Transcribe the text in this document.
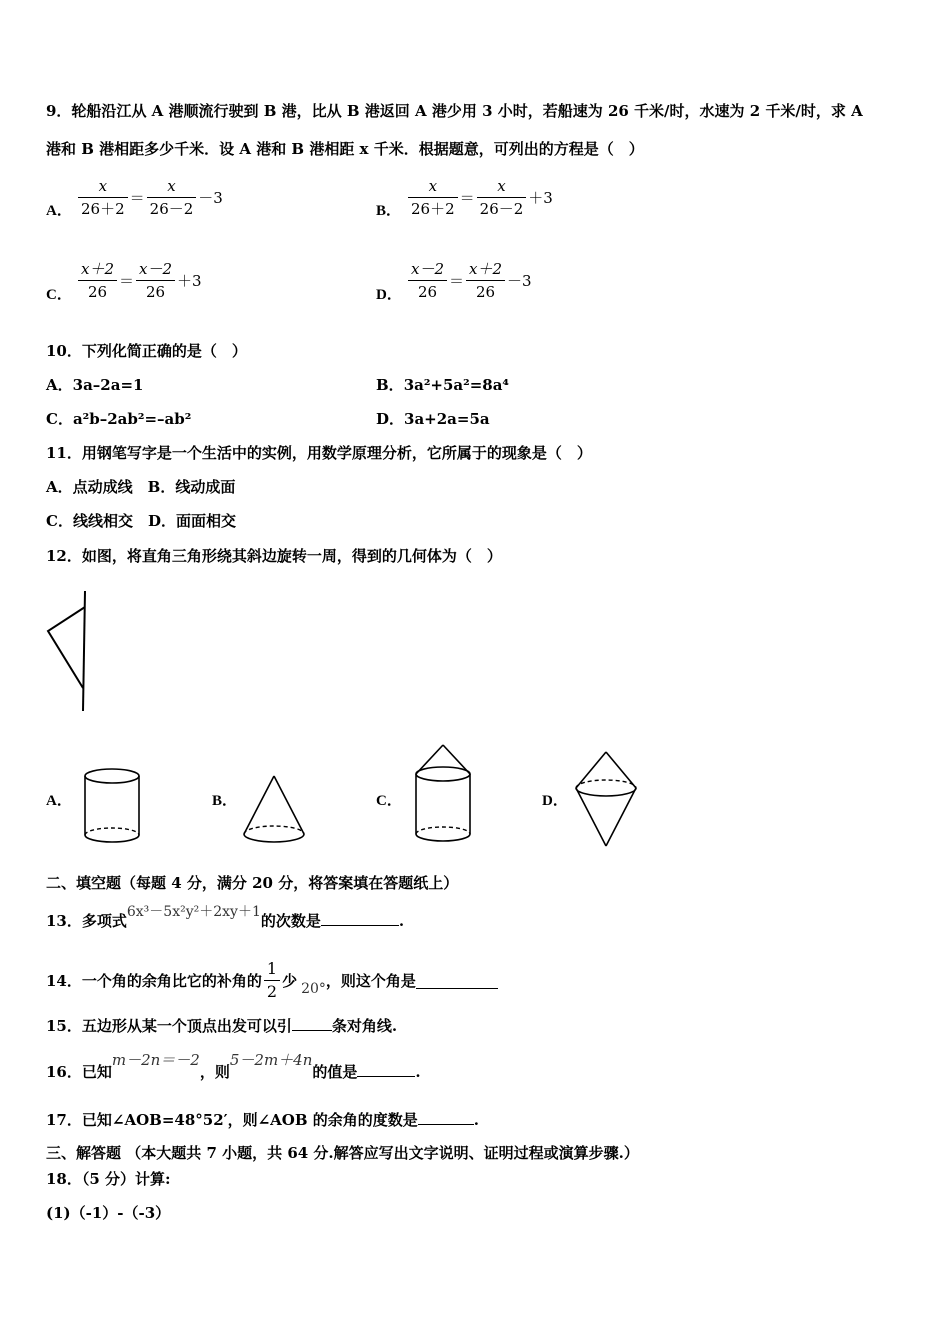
9．轮船沿江从 A 港顺流行驶到 B 港，比从 B 港返回 A 港少用 3 小时，若船速为 26 千米/时，水速为 2 千米/时，求 A
港和 B 港相距多少千米．设 A 港和 B 港相距 x 千米．根据题意，可列出的方程是（　）
A． $\frac{x}{26+2} = \frac{x}{26-2} -3$
B． $\frac{x}{26+2} = \frac{x}{26-2} +3$
C． $\frac{x+2}{26} = \frac{x-2}{26} +3$
D． $\frac{x-2}{26} = \frac{x+2}{26} -3$
10．下列化简正确的是（　）
A．3a–2a=1	B．3a²+5a²=8a⁴
C．a²b–2ab²=–ab²	D．3a+2a=5a
11．用钢笔写字是一个生活中的实例，用数学原理分析，它所属于的现象是（　）
A．点动成线　B．线动成面
C．线线相交　D．面面相交
12．如图，将直角三角形绕其斜边旋转一周，得到的几何体为（　）
A．	B．	C．	D．
二、填空题（每题 4 分，满分 20 分，将答案填在答题纸上）
13．多项式6x³－5x²y²＋2xy＋1的次数是	.
14．一个角的余角比它的补角的 $\frac{1}{2}$ 少 20° ，则这个角是
15．五边形从某一个顶点出发可以引	条对角线.
16．已知m－2n＝－2，则5－2m＋4n的值是	.
17．已知∠AOB=48°52′，则∠AOB 的余角的度数是	.
三、解答题 （本大题共 7 小题，共 64 分.解答应写出文字说明、证明过程或演算步骤.）
18．（5 分）计算:
(1)（-1）-（-3）
